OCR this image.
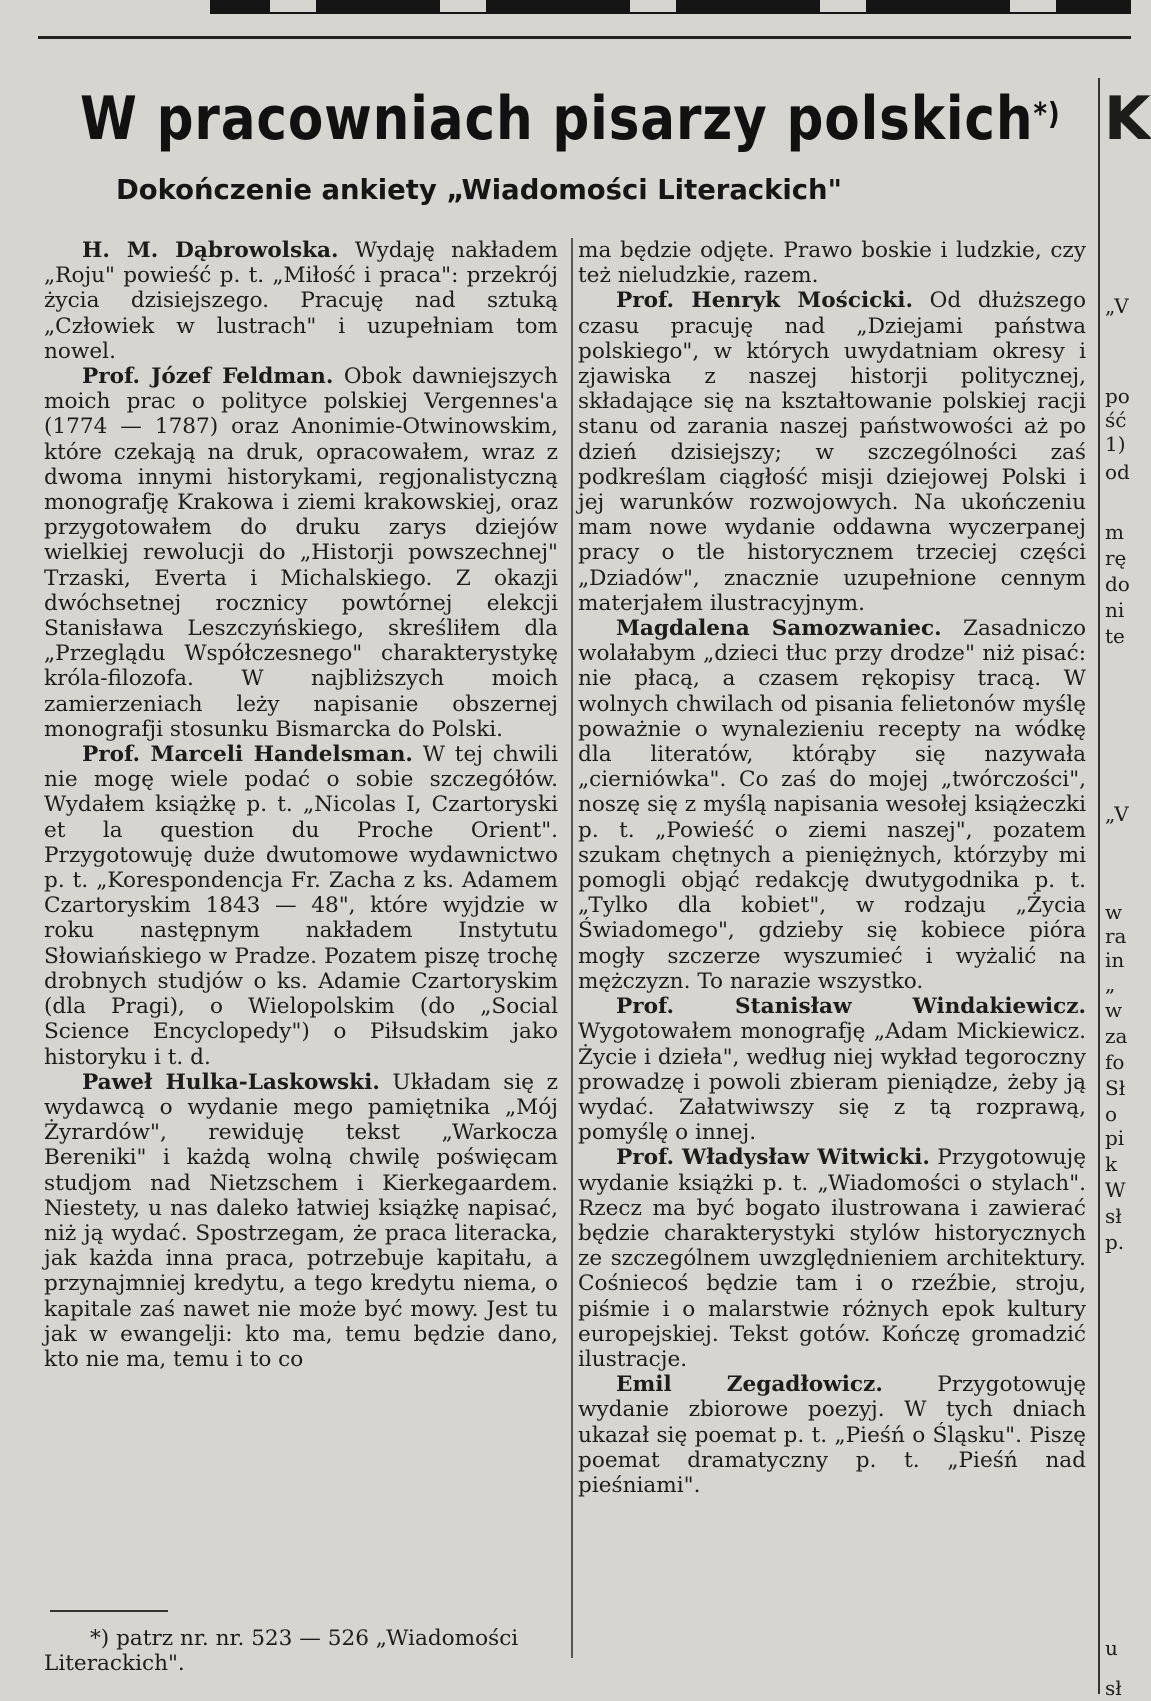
W pracowniach pisarzy polskich*)
Dokończenie ankiety „Wiadomości Literackich"

H. M. Dąbrowolska. Wydaję nakładem „Roju" powieść p. t. „Miłość i praca": przekrój życia dzisiejszego. Pracuję nad sztuką „Człowiek w lustrach" i uzupełniam tom nowel.

Prof. Józef Feldman. Obok dawniejszych moich prac o polityce polskiej Vergennes'a (1774 — 1787) oraz Anonimie-Otwinowskim, które czekają na druk, opracowałem, wraz z dwoma innymi historykami, regjonalistyczną monografję Krakowa i ziemi krakowskiej, oraz przygotowałem do druku zarys dziejów wielkiej rewolucji do „Historji powszechnej" Trzaski, Everta i Michalskiego. Z okazji dwóchsetnej rocznicy powtórnej elekcji Stanisława Leszczyńskiego, skreśliłem dla „Przeglądu Współczesnego" charakterystykę króla-filozofa. W najbliższych moich zamierzeniach leży napisanie obszernej monografji stosunku Bismarcka do Polski.

Prof. Marceli Handelsman. W tej chwili nie mogę wiele podać o sobie szczegółów. Wydałem książkę p. t. „Nicolas I, Czartoryski et la question du Proche Orient". Przygotowuję duże dwutomowe wydawnictwo p. t. „Korespondencja Fr. Zacha z ks. Adamem Czartoryskim 1843 — 48", które wyjdzie w roku następnym nakładem Instytutu Słowiańskiego w Pradze. Pozatem piszę trochę drobnych studjów o ks. Adamie Czartoryskim (dla Pragi), o Wielopolskim (do „Social Science Encyclopedy") o Piłsudskim jako historyku i t. d.

Paweł Hulka-Laskowski. Układam się z wydawcą o wydanie mego pamiętnika „Mój Żyrardów", rewiduję tekst „Warkocza Bereniki" i każdą wolną chwilę poświęcam studjom nad Nietzschem i Kierkegaardem. Niestety, u nas daleko łatwiej książkę napisać, niż ją wydać. Spostrzegam, że praca literacka, jak każda inna praca, potrzebuje kapitału, a przynajmniej kredytu, a tego kredytu niema, o kapitale zaś nawet nie może być mowy. Jest tu jak w ewangelji: kto ma, temu będzie dano, kto nie ma, temu i to co

ma będzie odjęte. Prawo boskie i ludzkie, czy też nieludzkie, razem.

Prof. Henryk Mościcki. Od dłuższego czasu pracuję nad „Dziejami państwa polskiego", w których uwydatniam okresy i zjawiska z naszej historji politycznej, składające się na kształtowanie polskiej racji stanu od zarania naszej państwowości aż po dzień dzisiejszy; w szczególności zaś podkreślam ciągłość misji dziejowej Polski i jej warunków rozwojowych. Na ukończeniu mam nowe wydanie oddawna wyczerpanej pracy o tle historycznem trzeciej części „Dziadów", znacznie uzupełnione cennym materjałem ilustracyjnym.

Magdalena Samozwaniec. Zasadniczo wolałabym „dzieci tłuc przy drodze" niż pisać: nie płacą, a czasem rękopisy tracą. W wolnych chwilach od pisania felietonów myślę poważnie o wynalezieniu recepty na wódkę dla literatów, którąby się nazywała „cierniówka". Co zaś do mojej „twórczości", noszę się z myślą napisania wesołej książeczki p. t. „Powieść o ziemi naszej", pozatem szukam chętnych a pieniężnych, którzyby mi pomogli objąć redakcję dwutygodnika p. t. „Tylko dla kobiet", w rodzaju „Życia Świadomego", gdzieby się kobiece pióra mogły szczerze wyszumieć i wyżalić na mężczyzn. To narazie wszystko.

Prof. Stanisław Windakiewicz. Wygotowałem monografję „Adam Mickiewicz. Życie i dzieła", według niej wykład tegoroczny prowadzę i powoli zbieram pieniądze, żeby ją wydać. Załatwiwszy się z tą rozprawą, pomyślę o innej.

Prof. Władysław Witwicki. Przygotowuję wydanie książki p. t. „Wiadomości o stylach". Rzecz ma być bogato ilustrowana i zawierać będzie charakterystyki stylów historycznych ze szczególnem uwzględnieniem architektury. Cośniecoś będzie tam i o rzeźbie, stroju, piśmie i o malarstwie różnych epok kultury europejskiej. Tekst gotów. Kończę gromadzić ilustracje.

Emil Zegadłowicz.	Przygotowuję wydanie zbiorowe poezyj. W tych dniach ukazał się poemat p. t. „Pieśń o Śląsku". Piszę poemat dramatyczny p. t. „Pieśń nad pieśniami".

*) patrz nr. nr. 523 — 526 „Wiadomości Literackich".

K
„V
po
ść
1)
od
m
rę
do
ni
te
„V
w
ra
in
„
w
za
fo
Sł
o
pi
k
W
sł
p.
u
sł
